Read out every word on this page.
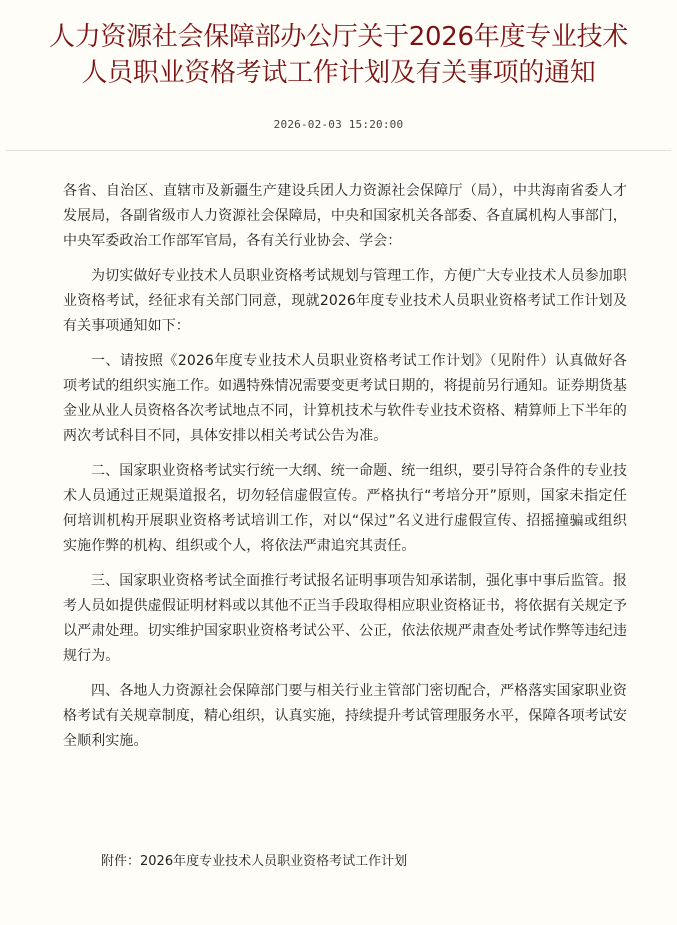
人力资源社会保障部办公厅关于2026年度专业技术
人员职业资格考试工作计划及有关事项的通知
2026-02-03 15:20:00

各省、自治区、直辖市及新疆生产建设兵团人力资源社会保障厅（局），中共海南省委人才发展局，各副省级市人力资源社会保障局，中央和国家机关各部委、各直属机构人事部门，中央军委政治工作部军官局，各有关行业协会、学会：

为切实做好专业技术人员职业资格考试规划与管理工作，方便广大专业技术人员参加职业资格考试，经征求有关部门同意，现就2026年度专业技术人员职业资格考试工作计划及有关事项通知如下：

一、请按照《2026年度专业技术人员职业资格考试工作计划》（见附件）认真做好各项考试的组织实施工作。如遇特殊情况需要变更考试日期的，将提前另行通知。证券期货基金业从业人员资格各次考试地点不同，计算机技术与软件专业技术资格、精算师上下半年的两次考试科目不同，具体安排以相关考试公告为准。

二、国家职业资格考试实行统一大纲、统一命题、统一组织，要引导符合条件的专业技术人员通过正规渠道报名，切勿轻信虚假宣传。严格执行“考培分开”原则，国家未指定任何培训机构开展职业资格考试培训工作，对以“保过”名义进行虚假宣传、招摇撞骗或组织实施作弊的机构、组织或个人，将依法严肃追究其责任。

三、国家职业资格考试全面推行考试报名证明事项告知承诺制，强化事中事后监管。报考人员如提供虚假证明材料或以其他不正当手段取得相应职业资格证书，将依据有关规定予以严肃处理。切实维护国家职业资格考试公平、公正，依法依规严肃查处考试作弊等违纪违规行为。

四、各地人力资源社会保障部门要与相关行业主管部门密切配合，严格落实国家职业资格考试有关规章制度，精心组织，认真实施，持续提升考试管理服务水平，保障各项考试安全顺利实施。

附件：2026年度专业技术人员职业资格考试工作计划
